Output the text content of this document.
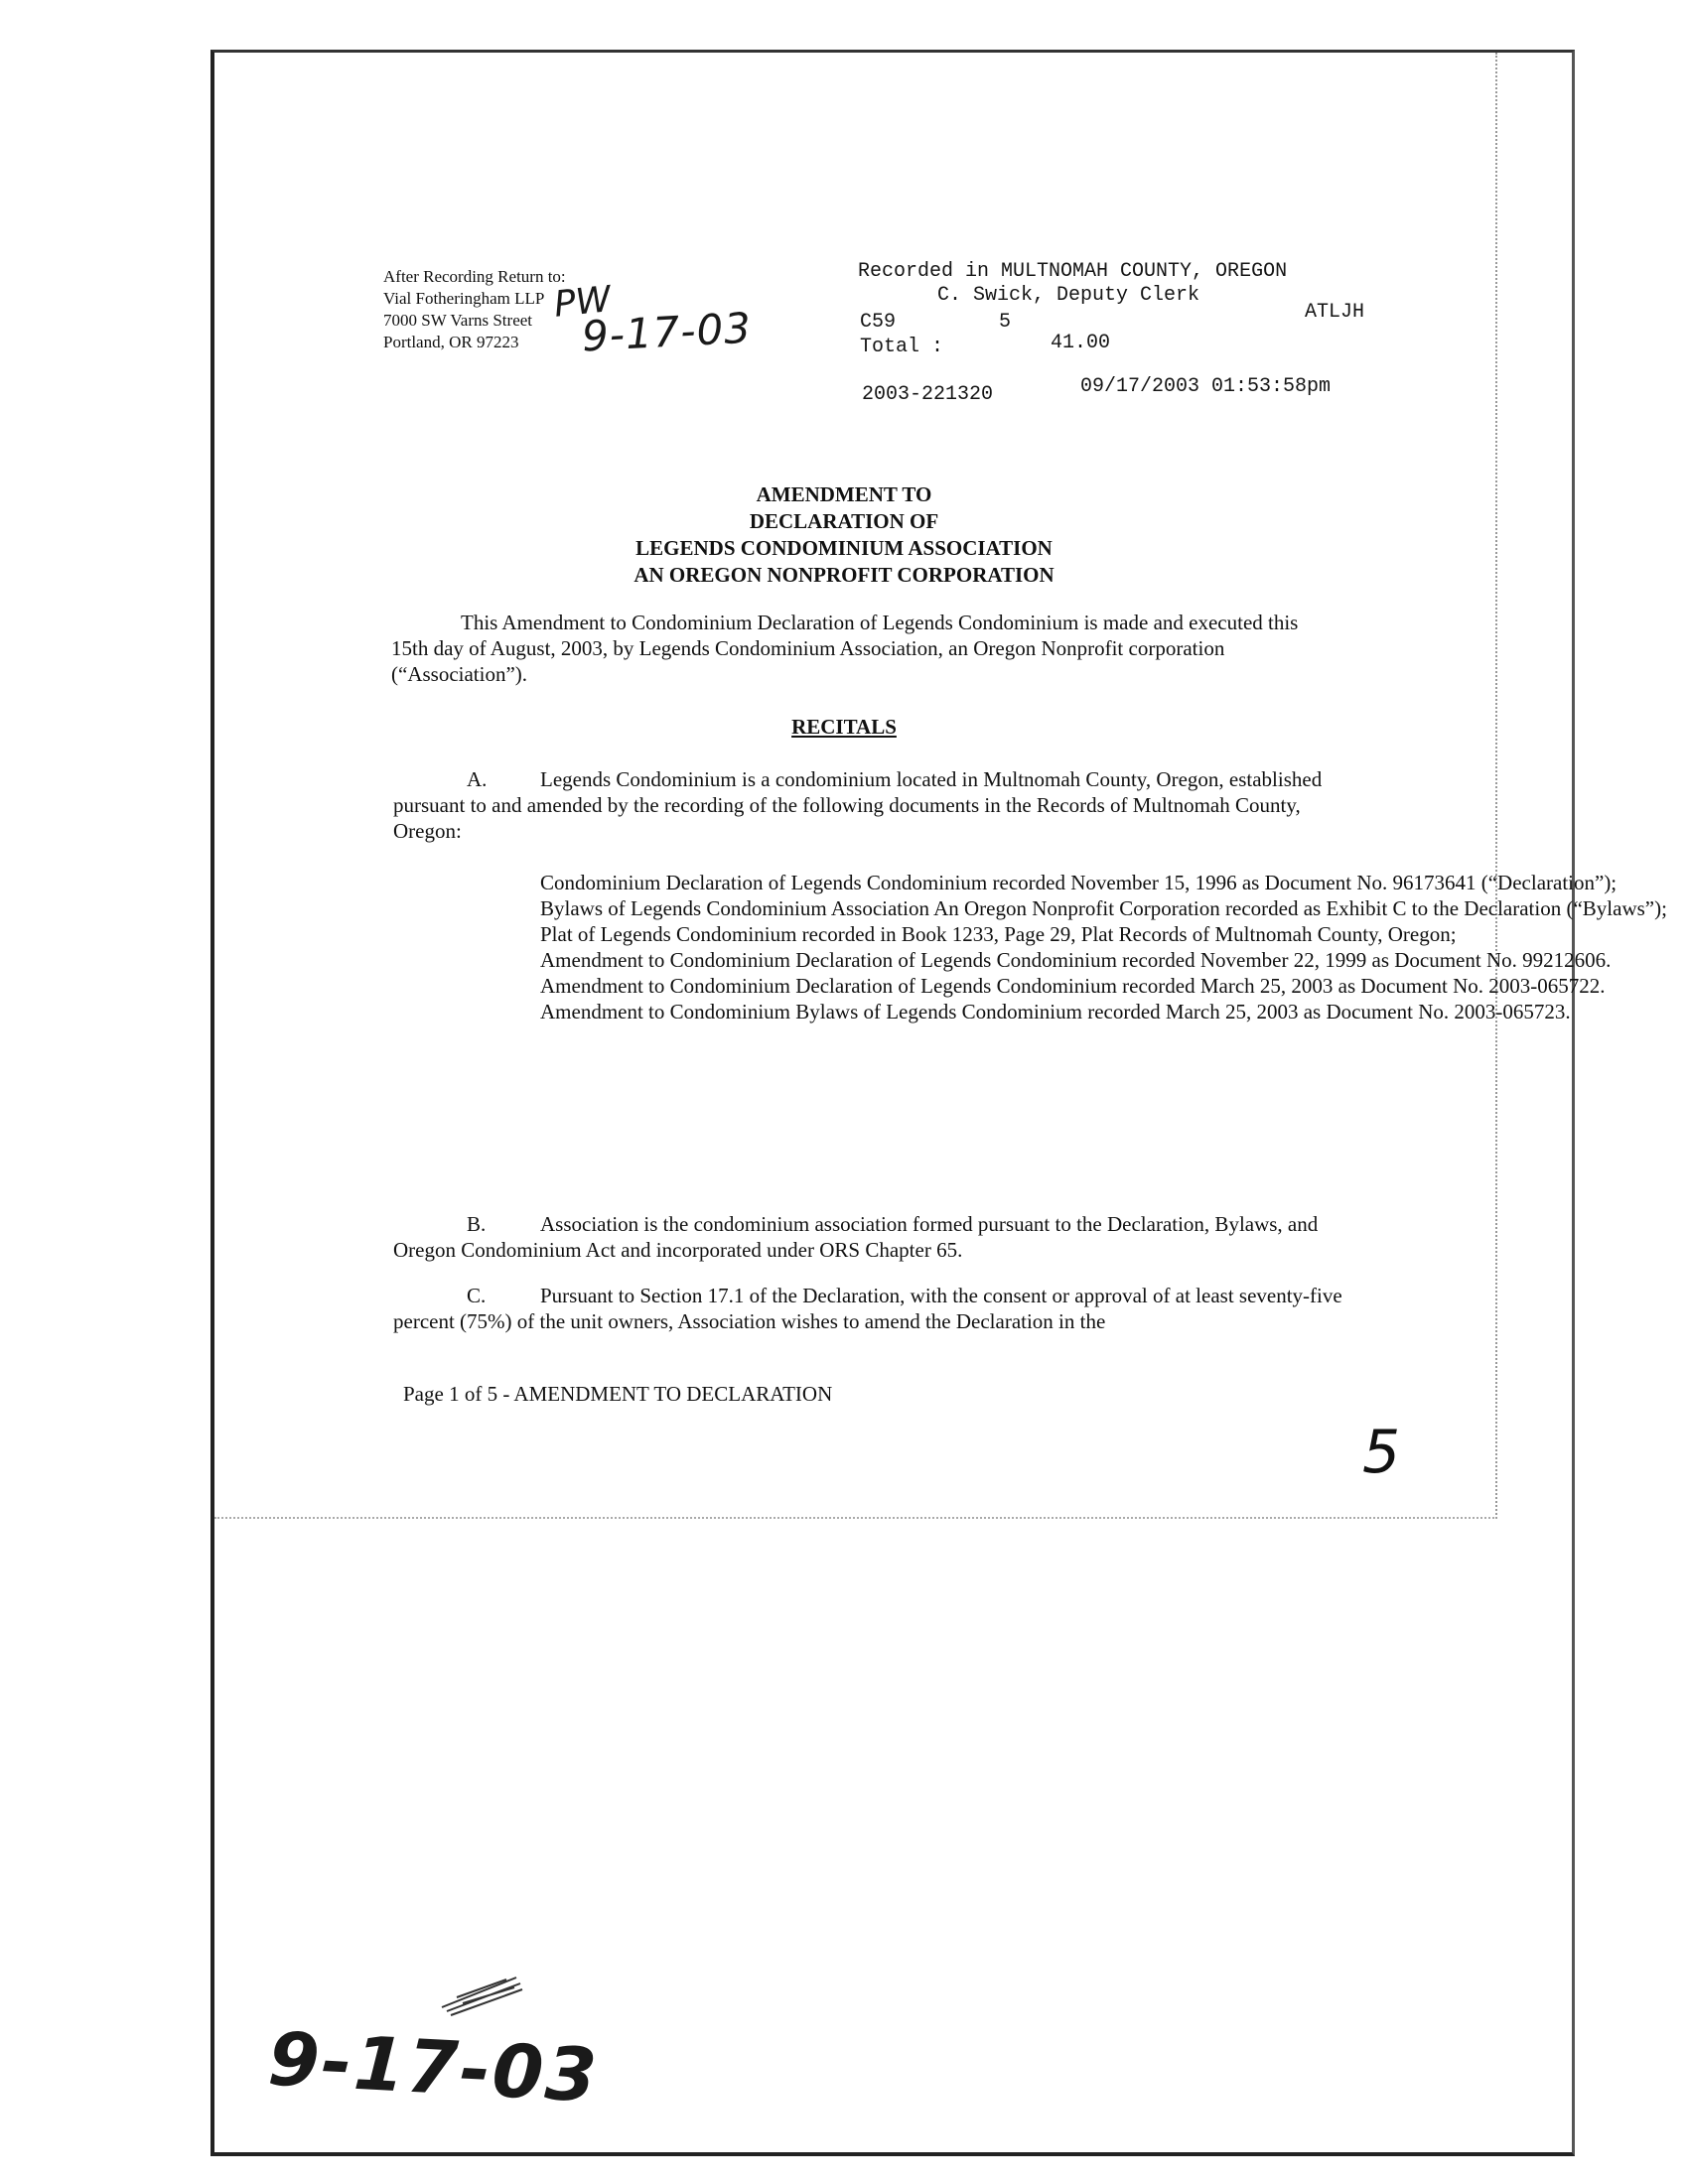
After Recording Return to:
Vial Fotheringham LLP
7000 SW Varns Street
Portland, OR 97223
PW
9-17-03
Recorded in MULTNOMAH COUNTY, OREGON
C. Swick, Deputy Clerk
C59	5	ATLJH
Total :	41.00
2003-221320	09/17/2003 01:53:58pm
AMENDMENT TO
DECLARATION OF
LEGENDS CONDOMINIUM ASSOCIATION
AN OREGON NONPROFIT CORPORATION
This Amendment to Condominium Declaration of Legends Condominium is made and executed this 15th day of August, 2003, by Legends Condominium Association, an Oregon Nonprofit corporation (“Association”).
RECITALS
A.	Legends Condominium is a condominium located in Multnomah County, Oregon, established pursuant to and amended by the recording of the following documents in the Records of Multnomah County, Oregon:
Condominium Declaration of Legends Condominium recorded November 15, 1996 as Document No. 96173641 (“Declaration”);
Bylaws of Legends Condominium Association An Oregon Nonprofit Corporation recorded as Exhibit C to the Declaration (“Bylaws”);
Plat of Legends Condominium recorded in Book 1233, Page 29, Plat Records of Multnomah County, Oregon;
Amendment to Condominium Declaration of Legends Condominium recorded November 22, 1999 as Document No. 99212606.
Amendment to Condominium Declaration of Legends Condominium recorded March 25, 2003 as Document No. 2003-065722.
Amendment to Condominium Bylaws of Legends Condominium recorded March 25, 2003 as Document No. 2003-065723.
B.	Association is the condominium association formed pursuant to the Declaration, Bylaws, and Oregon Condominium Act and incorporated under ORS Chapter 65.
C.	Pursuant to Section 17.1 of the Declaration, with the consent or approval of at least seventy-five percent (75%) of the unit owners, Association wishes to amend the Declaration in the
Page 1 of 5 - AMENDMENT TO DECLARATION
5
9-17-03
